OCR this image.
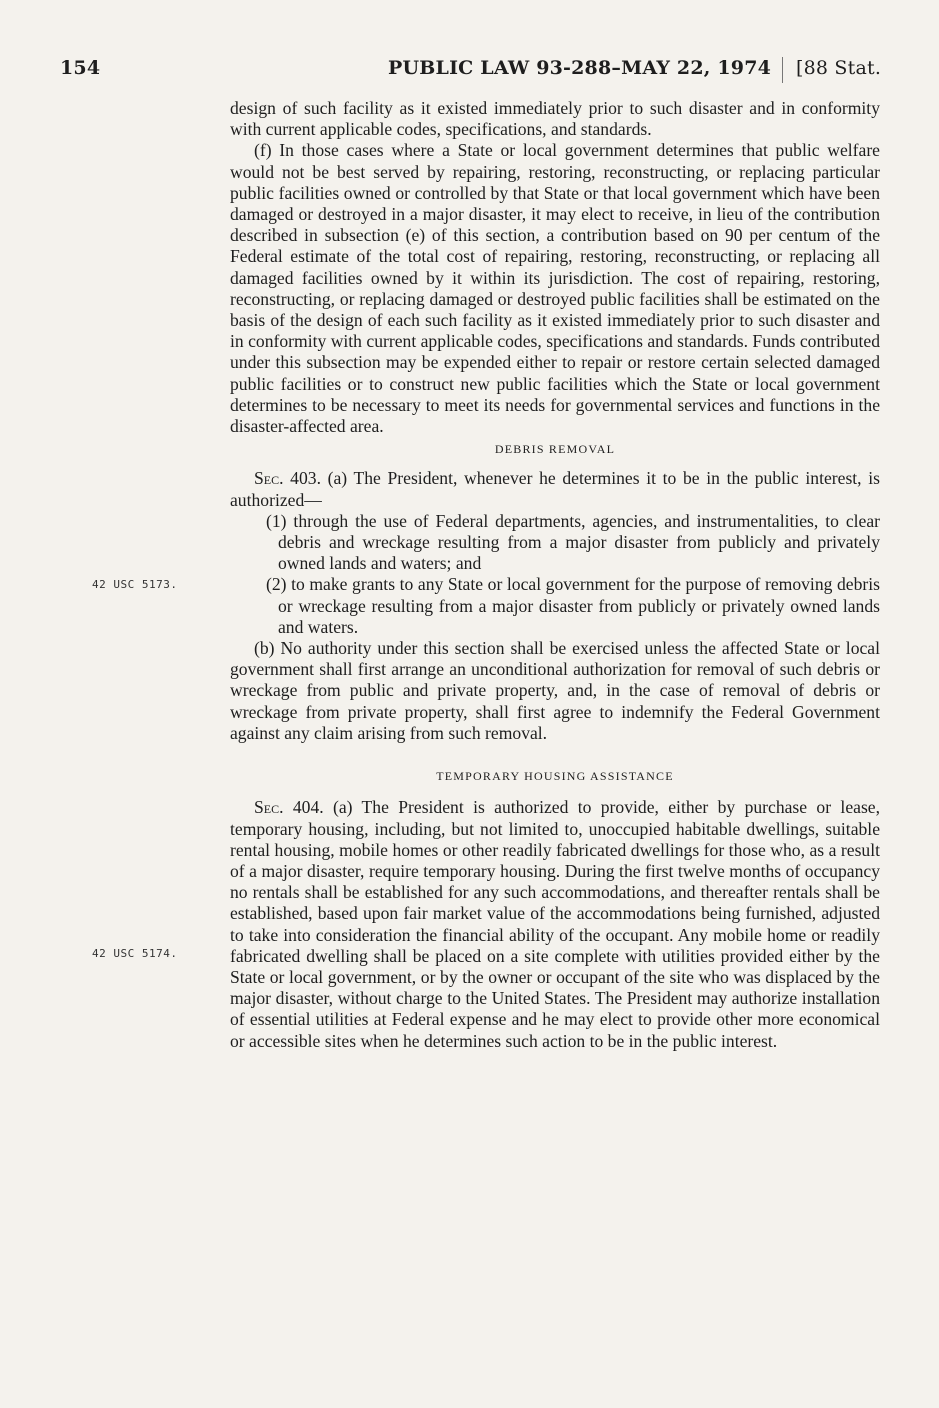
154	PUBLIC LAW 93-288–MAY 22, 1974 [88 Stat.
42 USC 5173.
42 USC 5174.

design of such facility as it existed immediately prior to such disaster and in conformity with current applicable codes, specifications, and standards.

(f) In those cases where a State or local government determines that public welfare would not be best served by repairing, restoring, reconstructing, or replacing particular public facilities owned or controlled by that State or that local government which have been damaged or destroyed in a major disaster, it may elect to receive, in lieu of the contribution described in subsection (e) of this section, a contribution based on 90 per centum of the Federal estimate of the total cost of repairing, restoring, reconstructing, or replacing all damaged facilities owned by it within its jurisdiction. The cost of repairing, restoring, reconstructing, or replacing damaged or destroyed public facilities shall be estimated on the basis of the design of each such facility as it existed immediately prior to such disaster and in conformity with current applicable codes, specifications and standards. Funds contributed under this subsection may be expended either to repair or restore certain selected damaged public facilities or to construct new public facilities which the State or local government determines to be necessary to meet its needs for governmental services and functions in the disaster-affected area.

DEBRIS REMOVAL

Sec. 403. (a) The President, whenever he determines it to be in the public interest, is authorized—

(1) through the use of Federal departments, agencies, and instrumentalities, to clear debris and wreckage resulting from a major disaster from publicly and privately owned lands and waters; and

(2) to make grants to any State or local government for the purpose of removing debris or wreckage resulting from a major disaster from publicly or privately owned lands and waters.

(b) No authority under this section shall be exercised unless the affected State or local government shall first arrange an unconditional authorization for removal of such debris or wreckage from public and private property, and, in the case of removal of debris or wreckage from private property, shall first agree to indemnify the Federal Government against any claim arising from such removal.

TEMPORARY HOUSING ASSISTANCE

Sec. 404. (a) The President is authorized to provide, either by purchase or lease, temporary housing, including, but not limited to, unoccupied habitable dwellings, suitable rental housing, mobile homes or other readily fabricated dwellings for those who, as a result of a major disaster, require temporary housing. During the first twelve months of occupancy no rentals shall be established for any such accommodations, and thereafter rentals shall be established, based upon fair market value of the accommodations being furnished, adjusted to take into consideration the financial ability of the occupant. Any mobile home or readily fabricated dwelling shall be placed on a site complete with utilities provided either by the State or local government, or by the owner or occupant of the site who was displaced by the major disaster, without charge to the United States. The President may authorize installation of essential utilities at Federal expense and he may elect to provide other more economical or accessible sites when he determines such action to be in the public interest.
